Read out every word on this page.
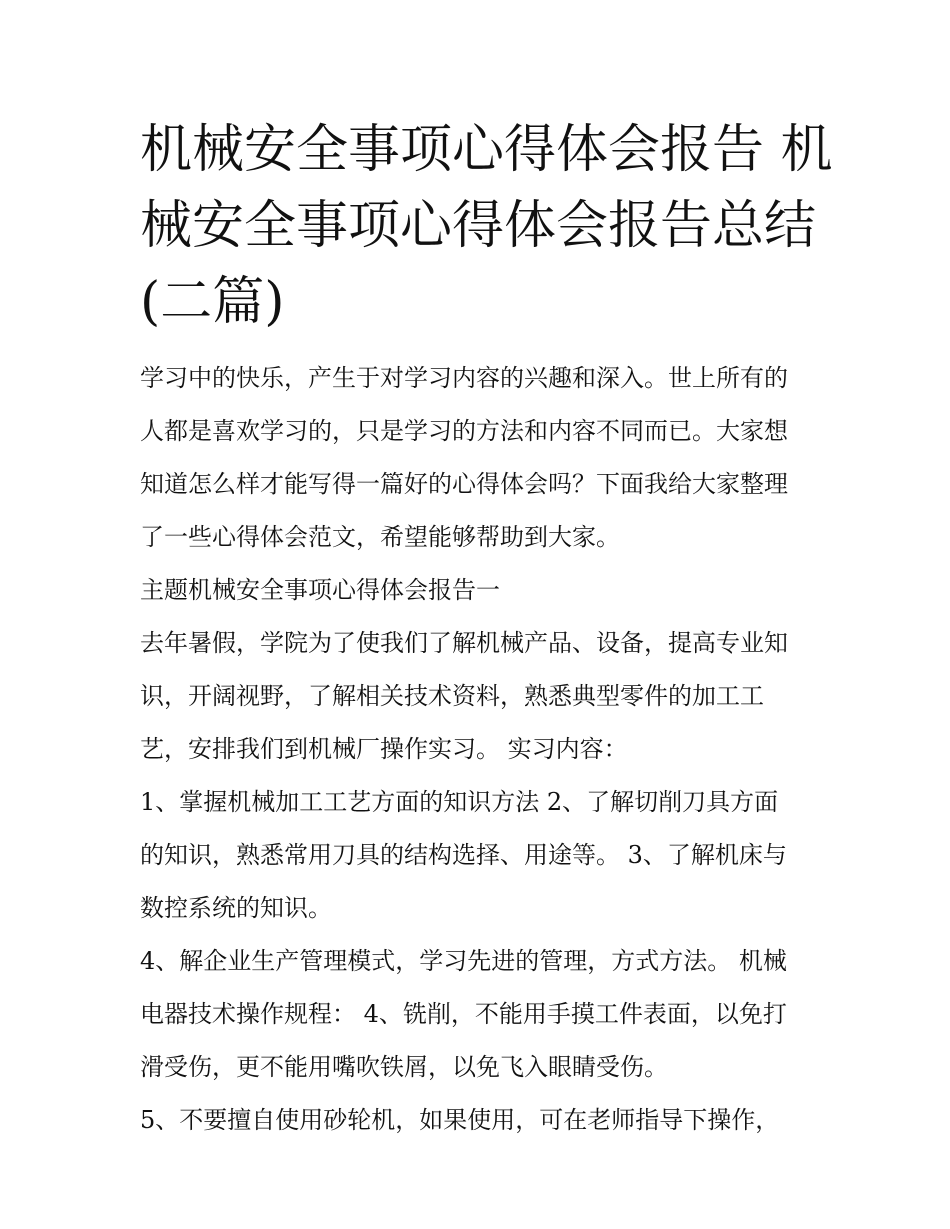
机械安全事项心得体会报告 机
械安全事项心得体会报告总结
(二篇)
学习中的快乐，产生于对学习内容的兴趣和深入。世上所有的
人都是喜欢学习的，只是学习的方法和内容不同而已。大家想
知道怎么样才能写得一篇好的心得体会吗？下面我给大家整理
了一些心得体会范文，希望能够帮助到大家。
主题机械安全事项心得体会报告一
去年暑假，学院为了使我们了解机械产品、设备，提高专业知
识，开阔视野，了解相关技术资料，熟悉典型零件的加工工
艺，安排我们到机械厂操作实习。 实习内容：
1、掌握机械加工工艺方面的知识方法 2、了解切削刀具方面
的知识，熟悉常用刀具的结构选择、用途等。 3、了解机床与
数控系统的知识。
4、解企业生产管理模式，学习先进的管理，方式方法。 机械
电器技术操作规程： 4、铣削，不能用手摸工件表面，以免打
滑受伤，更不能用嘴吹铁屑，以免飞入眼睛受伤。
5、不要擅自使用砂轮机，如果使用，可在老师指导下操作，
